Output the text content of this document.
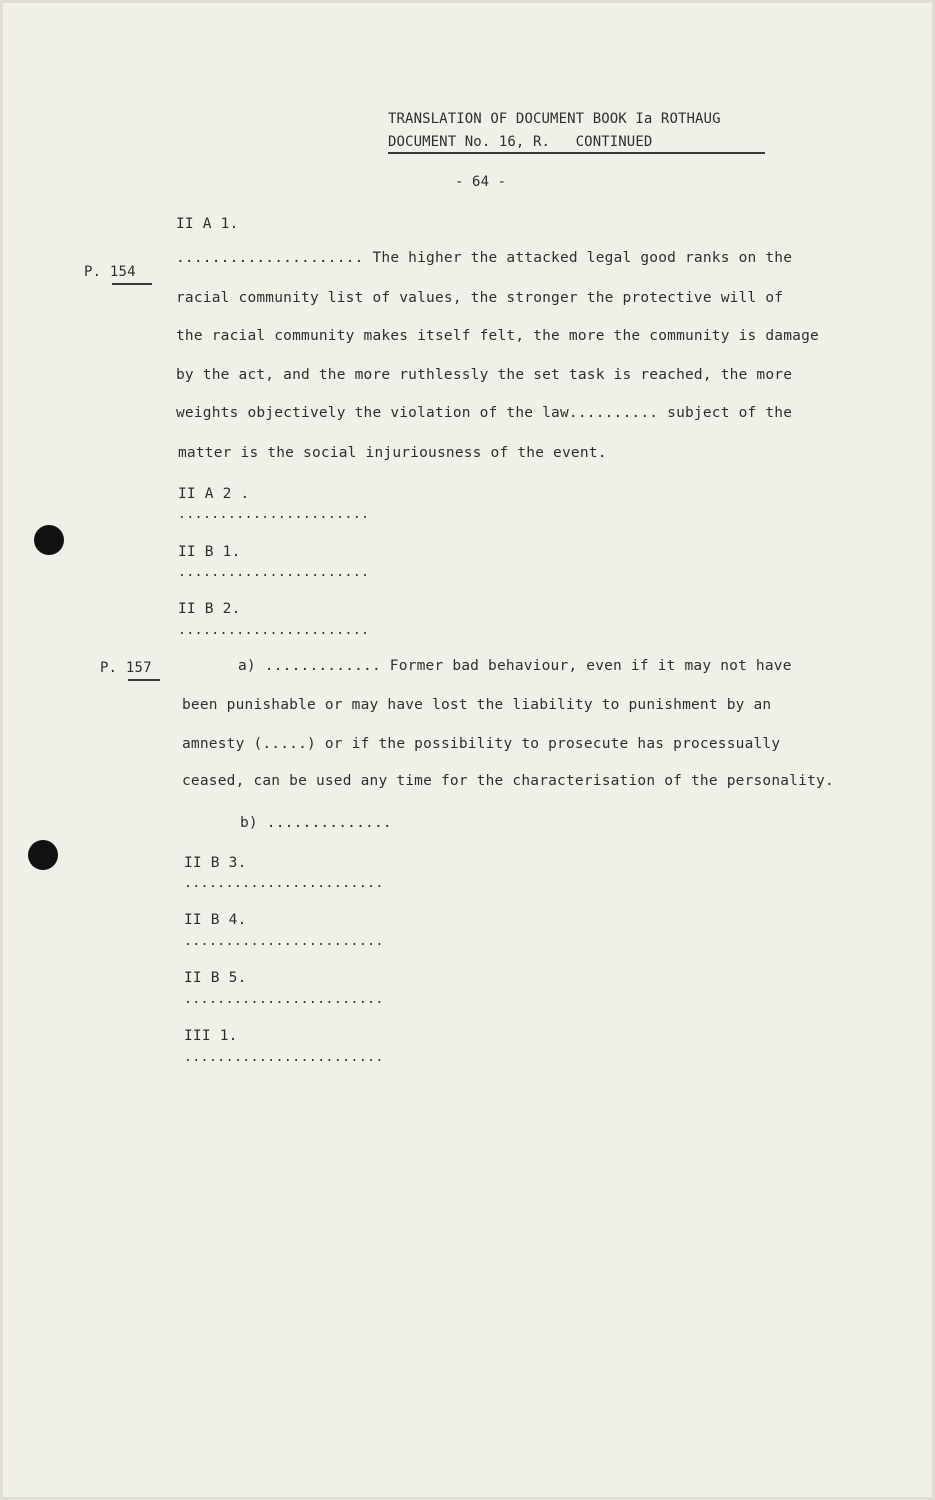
TRANSLATION OF DOCUMENT BOOK Ia ROTHAUG
DOCUMENT No. 16, R.   CONTINUED
- 64 -
II A 1.
P. 154
..................... The higher the attacked legal good ranks on the
racial community list of values, the stronger the protective will of
the racial community makes itself felt, the more the community is damage
by the act, and the more ruthlessly the set task is reached, the more
weights objectively the violation of the law.......... subject of the
matter is the social injuriousness of the event.
II A 2 .
.......................
II B 1.
.......................
II B 2.
.......................
P. 157	a) ............. Former bad behaviour, even if it may not have
been punishable or may have lost the liability to punishment by an
amnesty (.....) or if the possibility to prosecute has processually
ceased, can be used any time for the characterisation of the personality.
b) ..............
II B 3.
........................
II B 4.
........................
II B 5.
........................
III 1.
........................
